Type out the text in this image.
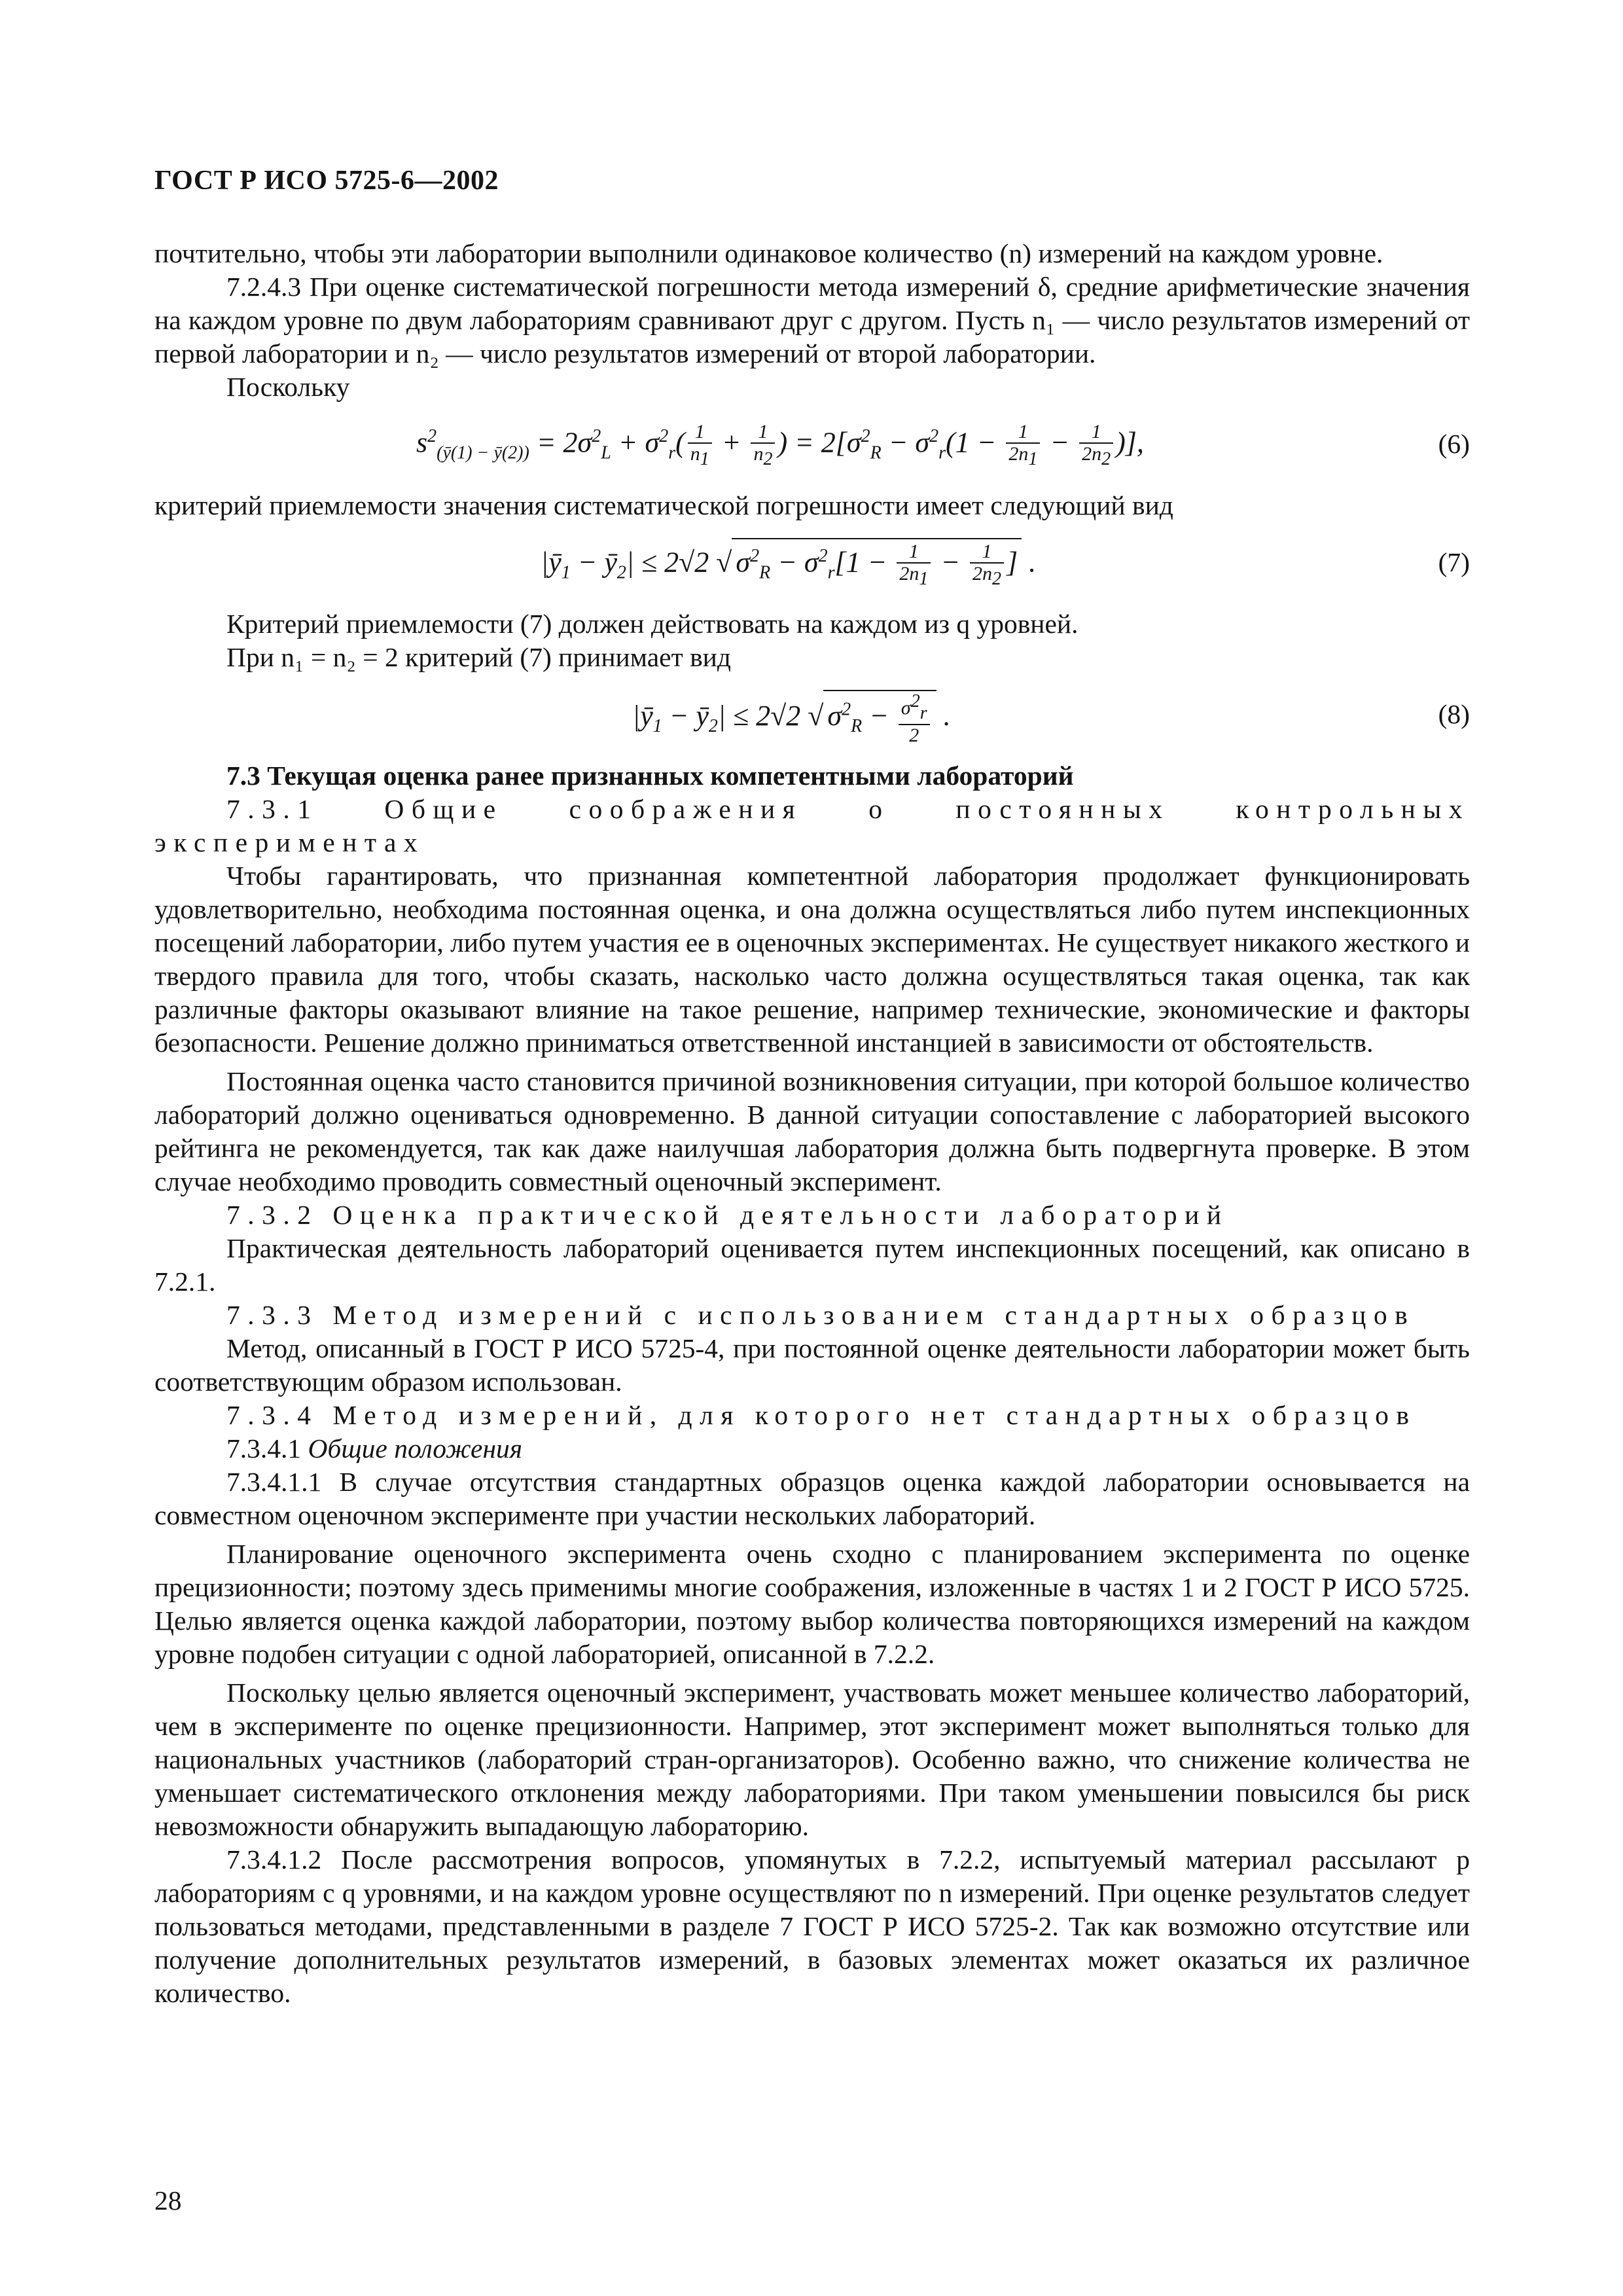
ГОСТ Р ИСО 5725-6—2002

почтительно, чтобы эти лаборатории выполнили одинаковое количество (n) измерений на каждом уровне.

7.2.4.3 При оценке систематической погрешности метода измерений δ, средние арифметические значения на каждом уровне по двум лабораториям сравнивают друг с другом. Пусть n₁ — число результатов измерений от первой лаборатории и n₂ — число результатов измерений от второй лаборатории.

Поскольку

$s^2_{(ȳ(1) - ȳ(2))} = 2\sigma^2_L + \sigma^2_r( \frac{1}{n_1} + \frac{1}{n_2}$ ) = $2[\sigma^2_R - \sigma^2_r(1 - \frac{1}{2n_1} - \frac{1}{2n_2}$ )],	(6)

критерий приемлемости значения систематической погрешности имеет следующий вид

$|ȳ_1$ − $ȳ_2| \le 2√2$ √ $\sigma^2_R - \sigma^2_r[1 - \frac{1}{2n_1} - \frac{1}{2n_2}$ ] .	(7)

Критерий приемлемости (7) должен действовать на каждом из q уровней.

При n₁ = n₂ = 2 критерий (7) принимает вид

$|ȳ_1$ − $ȳ_2| \le 2√2$ √ $\sigma^2_R - \frac{\sigma^2_r}{2}$ .	(8)

7.3 Текущая оценка ранее признанных компетентными лабораторий

7.3.1 Общие соображения о постоянных контрольных экспериментах

Чтобы гарантировать, что признанная компетентной лаборатория продолжает функционировать удовлетворительно, необходима постоянная оценка, и она должна осуществляться либо путем инспекционных посещений лаборатории, либо путем участия ее в оценочных экспериментах. Не существует никакого жесткого и твердого правила для того, чтобы сказать, насколько часто должна осуществляться такая оценка, так как различные факторы оказывают влияние на такое решение, например технические, экономические и факторы безопасности. Решение должно приниматься ответственной инстанцией в зависимости от обстоятельств.

Постоянная оценка часто становится причиной возникновения ситуации, при которой большое количество лабораторий должно оцениваться одновременно. В данной ситуации сопоставление с лабораторией высокого рейтинга не рекомендуется, так как даже наилучшая лаборатория должна быть подвергнута проверке. В этом случае необходимо проводить совместный оценочный эксперимент.

7.3.2 Оценка практической деятельности лабораторий

Практическая деятельность лабораторий оценивается путем инспекционных посещений, как описано в 7.2.1.

7.3.3 Метод измерений с использованием стандартных образцов

Метод, описанный в ГОСТ Р ИСО 5725-4, при постоянной оценке деятельности лаборатории может быть соответствующим образом использован.

7.3.4 Метод измерений, для которого нет стандартных образцов

7.3.4.1 Общие положения

7.3.4.1.1 В случае отсутствия стандартных образцов оценка каждой лаборатории основывается на совместном оценочном эксперименте при участии нескольких лабораторий.

Планирование оценочного эксперимента очень сходно с планированием эксперимента по оценке прецизионности; поэтому здесь применимы многие соображения, изложенные в частях 1 и 2 ГОСТ Р ИСО 5725. Целью является оценка каждой лаборатории, поэтому выбор количества повторяющихся измерений на каждом уровне подобен ситуации с одной лабораторией, описанной в 7.2.2.

Поскольку целью является оценочный эксперимент, участвовать может меньшее количество лабораторий, чем в эксперименте по оценке прецизионности. Например, этот эксперимент может выполняться только для национальных участников (лабораторий стран-организаторов). Особенно важно, что снижение количества не уменьшает систематического отклонения между лабораториями. При таком уменьшении повысился бы риск невозможности обнаружить выпадающую лабораторию.

7.3.4.1.2 После рассмотрения вопросов, упомянутых в 7.2.2, испытуемый материал рассылают p лабораториям с q уровнями, и на каждом уровне осуществляют по n измерений. При оценке результатов следует пользоваться методами, представленными в разделе 7 ГОСТ Р ИСО 5725-2. Так как возможно отсутствие или получение дополнительных результатов измерений, в базовых элементах может оказаться их различное количество.

28
